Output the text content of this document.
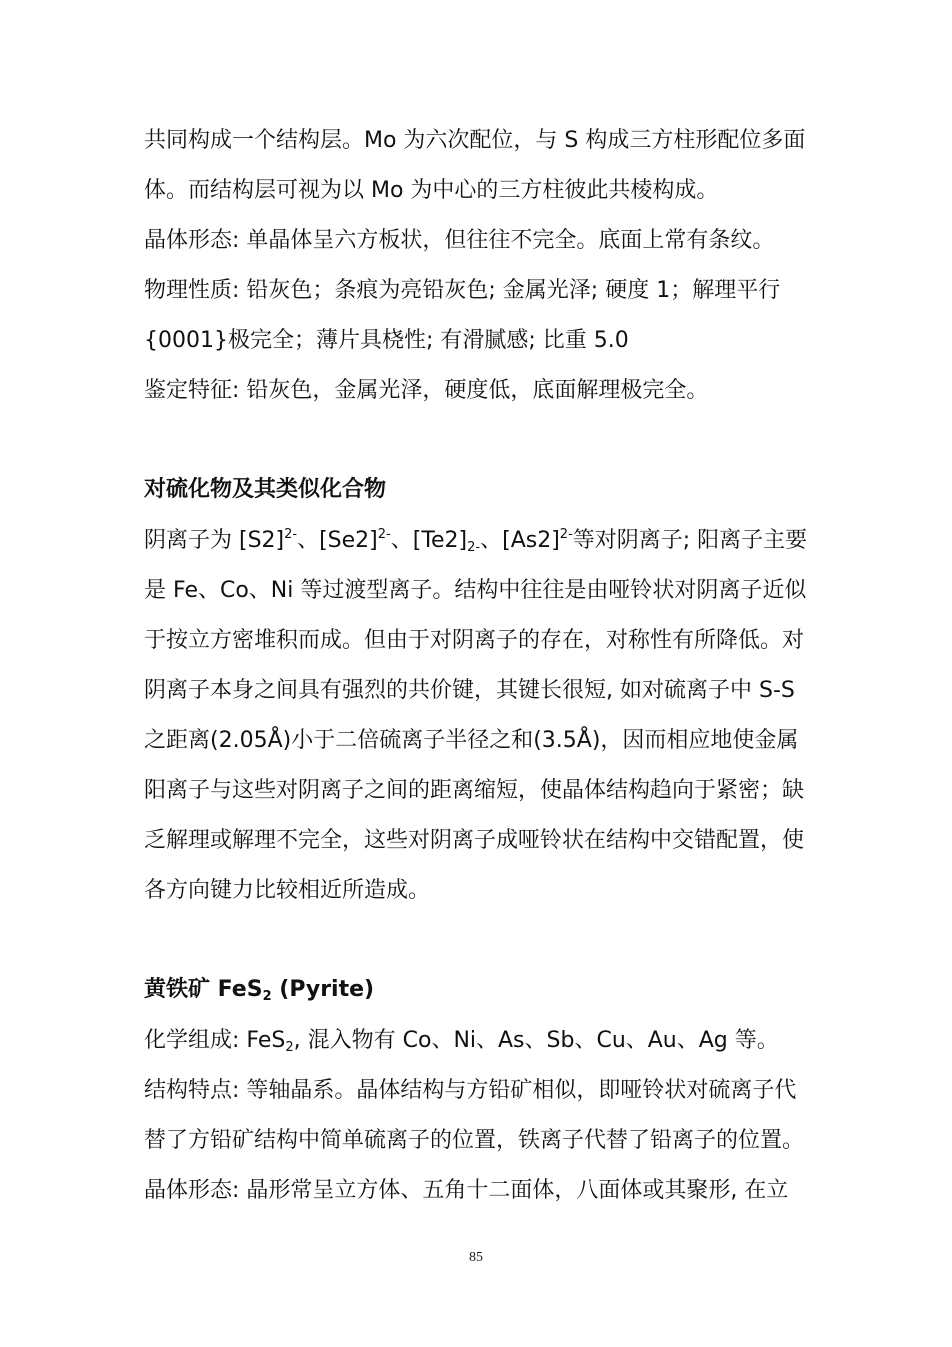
共同构成一个结构层。Mo 为六次配位，与 S 构成三方柱形配位多面
体。而结构层可视为以 Mo 为中心的三方柱彼此共棱构成。
晶体形态: 单晶体呈六方板状，但往往不完全。底面上常有条纹。
物理性质: 铅灰色；条痕为亮铅灰色; 金属光泽; 硬度 1；解理平行
{0001}极完全；薄片具桡性; 有滑腻感; 比重 5.0
鉴定特征: 铅灰色，金属光泽，硬度低，底面解理极完全。
对硫化物及其类似化合物
阴离子为 $[S2]^{2-}$、$[Se2]^{2-}$、$[Te2]_{2-}$、$[As2]^{2-}$等对阴离子; 阳离子主要
是 Fe、Co、Ni 等过渡型离子。结构中往往是由哑铃状对阴离子近似
于按立方密堆积而成。但由于对阴离子的存在，对称性有所降低。对
阴离子本身之间具有强烈的共价键，其键长很短, 如对硫离子中 S-S
之距离(2.05Å)小于二倍硫离子半径之和(3.5Å)，因而相应地使金属
阳离子与这些对阴离子之间的距离缩短，使晶体结构趋向于紧密；缺
乏解理或解理不完全，这些对阴离子成哑铃状在结构中交错配置，使
各方向键力比较相近所造成。
黄铁矿 FeS$_2$ (Pyrite)
化学组成: FeS$_2$, 混入物有 Co、Ni、As、Sb、Cu、Au、Ag 等。
结构特点: 等轴晶系。晶体结构与方铅矿相似，即哑铃状对硫离子代
替了方铅矿结构中简单硫离子的位置，铁离子代替了铅离子的位置。
晶体形态: 晶形常呈立方体、五角十二面体，八面体或其聚形, 在立
85
